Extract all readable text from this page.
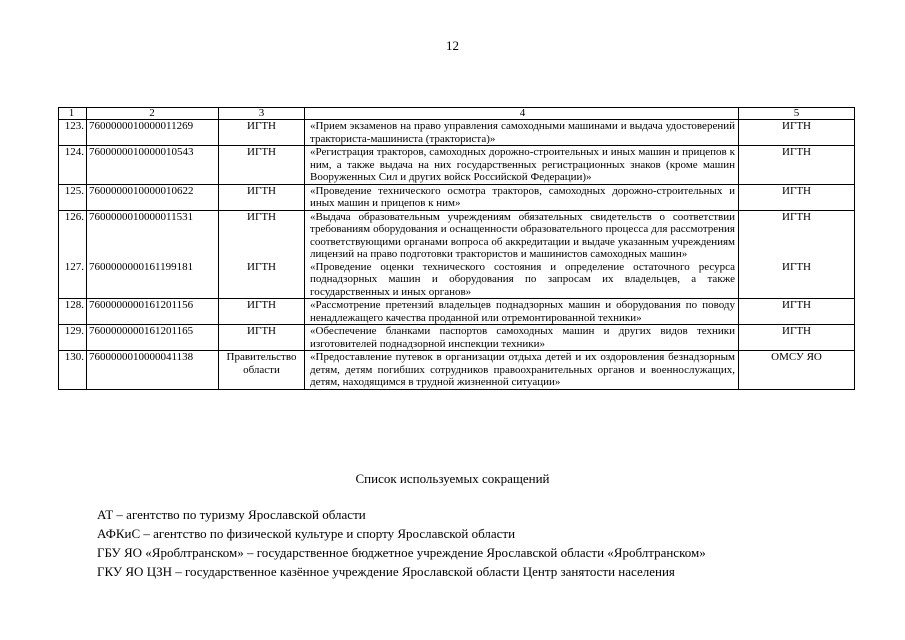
12
1	2	3	4	5
123.	7600000010000011269	ИГТН	«Прием экзаменов на право управления самоходными машинами и выдача удостоверений тракториста-машиниста (тракториста)»	ИГТН
124.	7600000010000010543	ИГТН	«Регистрация тракторов, самоходных дорожно-строительных и иных машин и прицепов к ним, а также выдача на них государственных регистрационных знаков (кроме машин Вооруженных Сил и других войск Российской Федерации)»	ИГТН
125.	7600000010000010622	ИГТН	«Проведение технического осмотра тракторов, самоходных дорожно-строительных и иных машин и прицепов к ним»	ИГТН
126.	7600000010000011531	ИГТН	«Выдача образовательным учреждениям обязательных свидетельств о соответствии требованиям оборудования и оснащенности образовательного процесса для рассмотрения соответствующими органами вопроса об аккредитации и выдаче указанным учреждениям лицензий на право подготовки трактористов и машинистов самоходных машин»	ИГТН
127.	7600000000161199181	ИГТН	«Проведение оценки технического состояния и определение остаточного ресурса поднадзорных машин и оборудования по запросам их владельцев, а также государственных и иных органов»	ИГТН
128.	7600000000161201156	ИГТН	«Рассмотрение претензий владельцев поднадзорных машин и оборудования по поводу ненадлежащего качества проданной или отремонтированной техники»	ИГТН
129.	7600000000161201165	ИГТН	«Обеспечение бланками паспортов самоходных машин и других видов техники изготовителей поднадзорной инспекции техники»	ИГТН
130.	7600000010000041138	Правительство области	«Предоставление путевок в организации отдыха детей и их оздоровления безнадзорным детям, детям погибших сотрудников правоохранительных органов и военнослужащих, детям, находящимся в трудной жизненной ситуации»	ОМСУ ЯО
Список используемых сокращений
АТ – агентство по туризму Ярославской области
АФКиС – агентство по физической культуре и спорту Ярославской области
ГБУ ЯО «Яроблтранском» – государственное бюджетное учреждение Ярославской области «Яроблтранском»
ГКУ ЯО ЦЗН – государственное казённое учреждение Ярославской области Центр занятости населения
